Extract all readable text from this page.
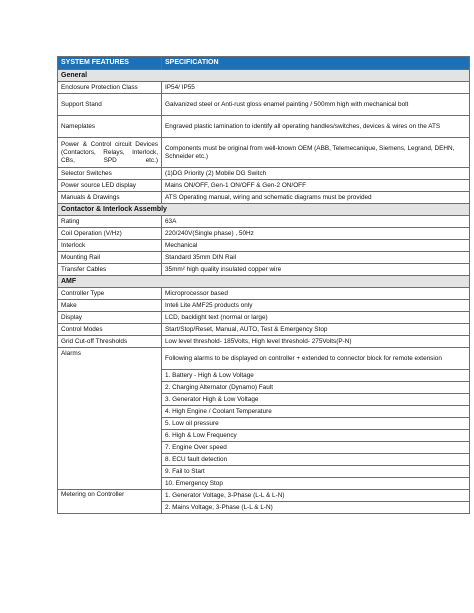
SYSTEM FEATURES	SPECIFICATION
General	
Enclosure Protection Class	IP54/ IP55
Support Stand	Galvanized steel or Anti-rust gloss enamel painting / 500mm high with mechanical bolt
Nameplates	Engraved plastic lamination to identify all operating handles/switches, devices & wires on the ATS
Power & Control circuit Devices (Contactors, Relays, Interlock, CBs, SPD etc.)	Components must be original from well-known OEM (ABB, Telemecanique, Siemens, Legrand, DEHN, Schneider etc.)
Selector Switches	(1)DG Priority (2) Mobile DG Switch
Power source LED display	Mains ON/OFF, Gen-1 ON/OFF & Gen-2 ON/OFF
Manuals & Drawings	ATS Operating manual, wiring and schematic diagrams must be provided
Contactor & Interlock Assembly	
Rating	63A
Coil Operation (V/Hz)	220/240V(Single phase) , 50Hz
Interlock	Mechanical
Mounting Rail	Standard 35mm DIN Rail
Transfer Cables	35mm² high quality insulated copper wire
AMF	
Controller Type	Microprocessor based
Make	Inteli Lite AMF25 products only
Display	LCD, backlight text (normal or large)
Control Modes	Start/Stop/Reset, Manual, AUTO, Test & Emergency Stop
Grid Cut-off Thresholds	Low level threshold- 185Volts, High level threshold- 275Volts(P-N)
Alarms	Following alarms to be displayed on controller + extended to connector block for remote extension
	1. Battery - High & Low Voltage
	2. Charging Alternator (Dynamo) Fault
	3. Generator High & Low Voltage
	4. High Engine / Coolant Temperature
	5. Low oil pressure
	6. High & Low Frequency
	7. Engine Over speed
	8. ECU fault detection
	9. Fail to Start
	10. Emergency Stop
Metering on Controller	1. Generator Voltage, 3-Phase (L-L & L-N)
	2. Mains Voltage, 3-Phase (L-L & L-N)
